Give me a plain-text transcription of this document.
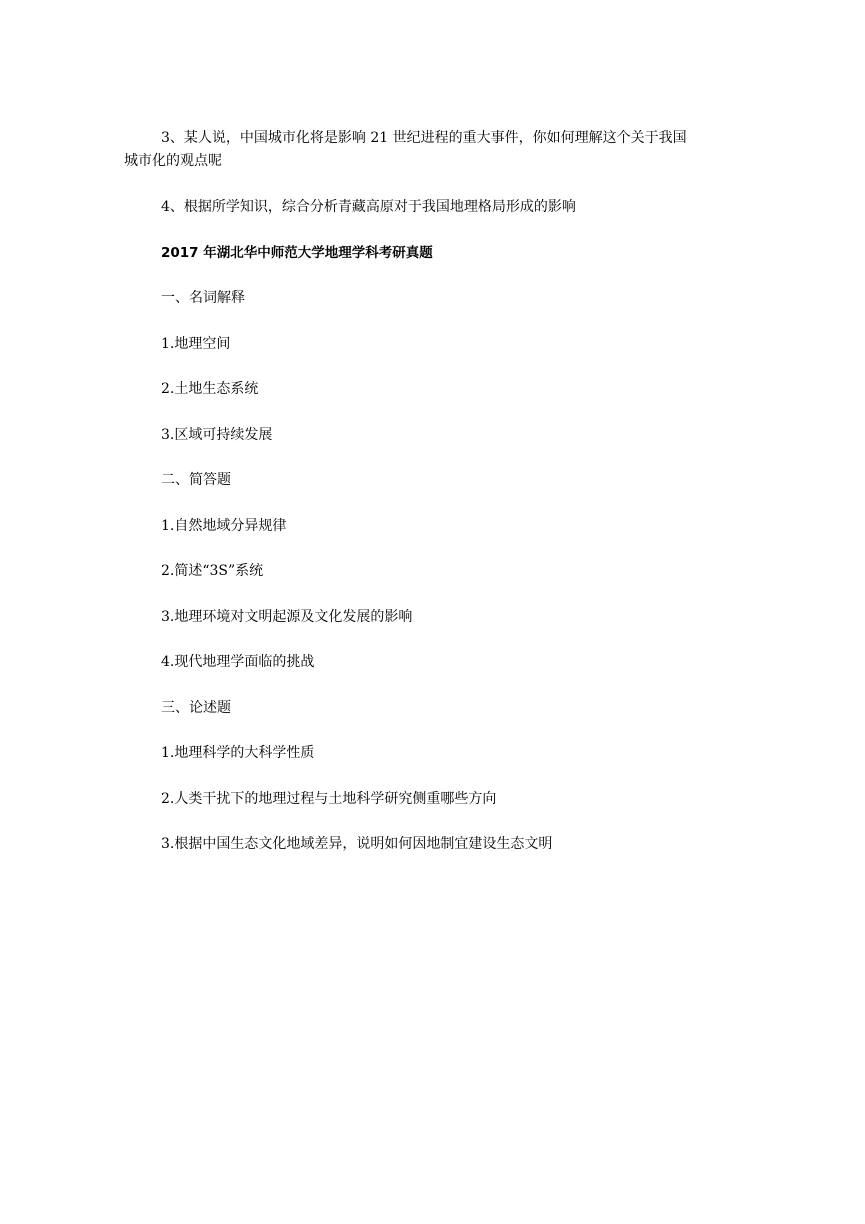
3、某人说，中国城市化将是影响 21 世纪进程的重大事件，你如何理解这个关于我国
城市化的观点呢
4、根据所学知识，综合分析青藏高原对于我国地理格局形成的影响
2017 年湖北华中师范大学地理学科考研真题
一、名词解释
1.地理空间
2.土地生态系统
3.区域可持续发展
二、简答题
1.自然地域分异规律
2.简述“3S”系统
3.地理环境对文明起源及文化发展的影响
4.现代地理学面临的挑战
三、论述题
1.地理科学的大科学性质
2.人类干扰下的地理过程与土地科学研究侧重哪些方向
3.根据中国生态文化地域差异，说明如何因地制宜建设生态文明
